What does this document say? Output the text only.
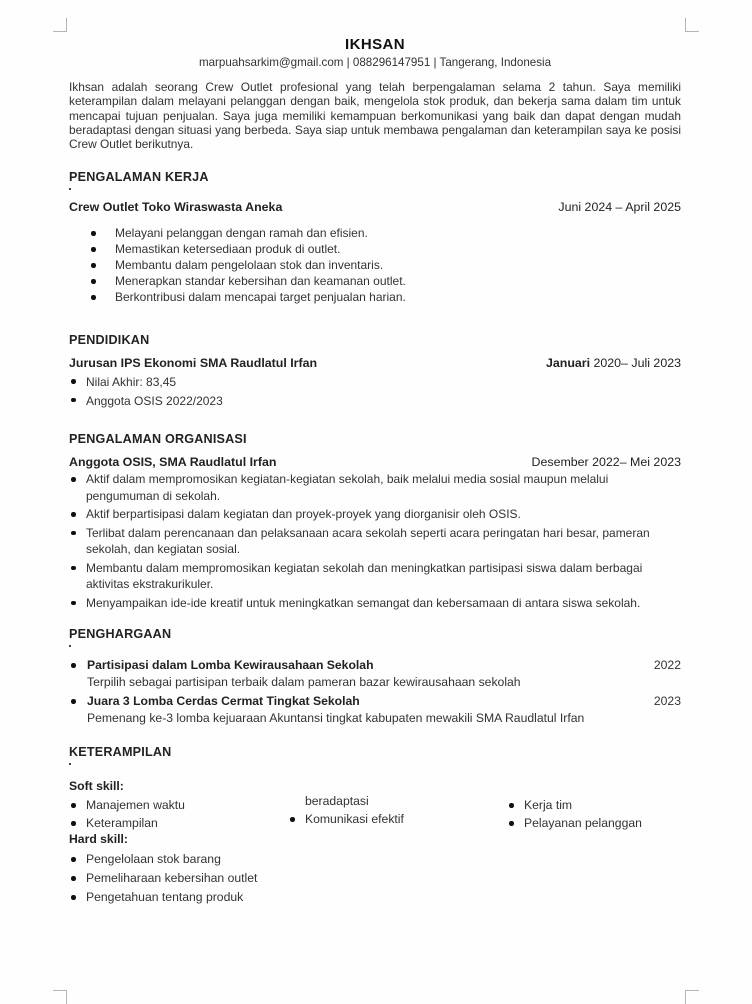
IKHSAN
marpuahsarkim@gmail.com | 088296147951 | Tangerang, Indonesia
Ikhsan adalah seorang Crew Outlet profesional yang telah berpengalaman selama 2 tahun. Saya memiliki keterampilan dalam melayani pelanggan dengan baik, mengelola stok produk, dan bekerja sama dalam tim untuk mencapai tujuan penjualan. Saya juga memiliki kemampuan berkomunikasi yang baik dan dapat dengan mudah beradaptasi dengan situasi yang berbeda. Saya siap untuk membawa pengalaman dan keterampilan saya ke posisi Crew Outlet berikutnya.
PENGALAMAN KERJA
Crew Outlet Toko Wiraswasta Aneka	Juni 2024 – April 2025
Melayani pelanggan dengan ramah dan efisien.
Memastikan ketersediaan produk di outlet.
Membantu dalam pengelolaan stok dan inventaris.
Menerapkan standar kebersihan dan keamanan outlet.
Berkontribusi dalam mencapai target penjualan harian.
PENDIDIKAN
Jurusan IPS Ekonomi SMA Raudlatul Irfan	Januari 2020– Juli 2023
Nilai Akhir: 83,45
Anggota OSIS 2022/2023
PENGALAMAN ORGANISASI
Anggota OSIS, SMA Raudlatul Irfan	Desember 2022– Mei 2023
Aktif dalam mempromosikan kegiatan-kegiatan sekolah, baik melalui media sosial maupun melalui pengumuman di sekolah.
Aktif berpartisipasi dalam kegiatan dan proyek-proyek yang diorganisir oleh OSIS.
Terlibat dalam perencanaan dan pelaksanaan acara sekolah seperti acara peringatan hari besar, pameran sekolah, dan kegiatan sosial.
Membantu dalam mempromosikan kegiatan sekolah dan meningkatkan partisipasi siswa dalam berbagai aktivitas ekstrakurikuler.
Menyampaikan ide-ide kreatif untuk meningkatkan semangat dan kebersamaan di antara siswa sekolah.
PENGHARGAAN
Partisipasi dalam Lomba Kewirausahaan Sekolah	2022
Terpilih sebagai partisipan terbaik dalam pameran bazar kewirausahaan sekolah
Juara 3 Lomba Cerdas Cermat Tingkat Sekolah	2023
Pemenang ke-3 lomba kejuaraan Akuntansi tingkat kabupaten mewakili SMA Raudlatul Irfan
KETERAMPILAN
Soft skill:
Manajemen waktu
Keterampilan
beradaptasi
Komunikasi efektif
Kerja tim
Pelayanan pelanggan
Hard skill:
Pengelolaan stok barang
Pemeliharaan kebersihan outlet
Pengetahuan tentang produk
